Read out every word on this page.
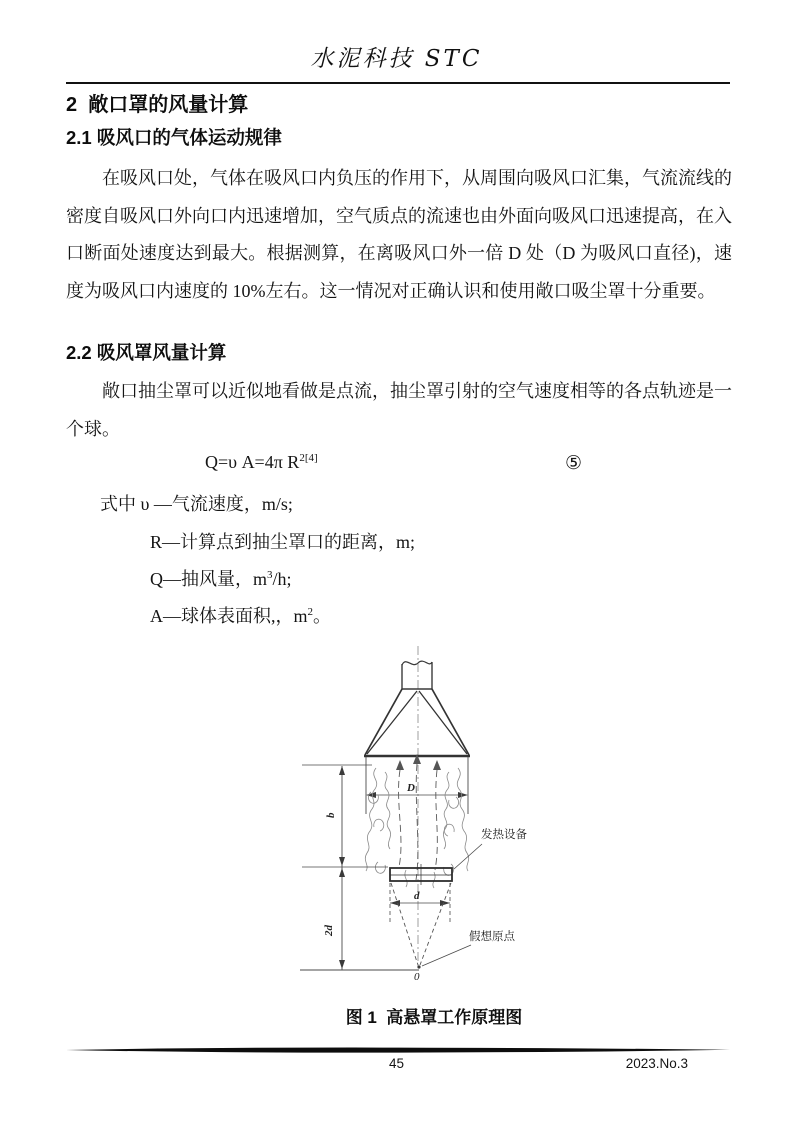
水泥科技 STC
2  敞口罩的风量计算
2.1 吸风口的气体运动规律
在吸风口处，气体在吸风口内负压的作用下，从周围向吸风口汇集，气流流线的密度自吸风口外向口内迅速增加，空气质点的流速也由外面向吸风口迅速提高，在入口断面处速度达到最大。根据测算，在离吸风口外一倍 D 处（D 为吸风口直径)，速度为吸风口内速度的 10%左右。这一情况对正确认识和使用敞口吸尘罩十分重要。
2.2 吸风罩风量计算
敞口抽尘罩可以近似地看做是点流，抽尘罩引射的空气速度相等的各点轨迹是一个球。
Q=υ A=4π $R^{2[4]}$	⑤
式中 υ —气流速度，m/s;
R—计算点到抽尘罩口的距离，m;
Q—抽风量，$m^3/h$;
A—球体表面积,，$m^2$。
D
d
0
b
2d
发热设备
假想原点
图 1  高悬罩工作原理图
45	2023.No.3
